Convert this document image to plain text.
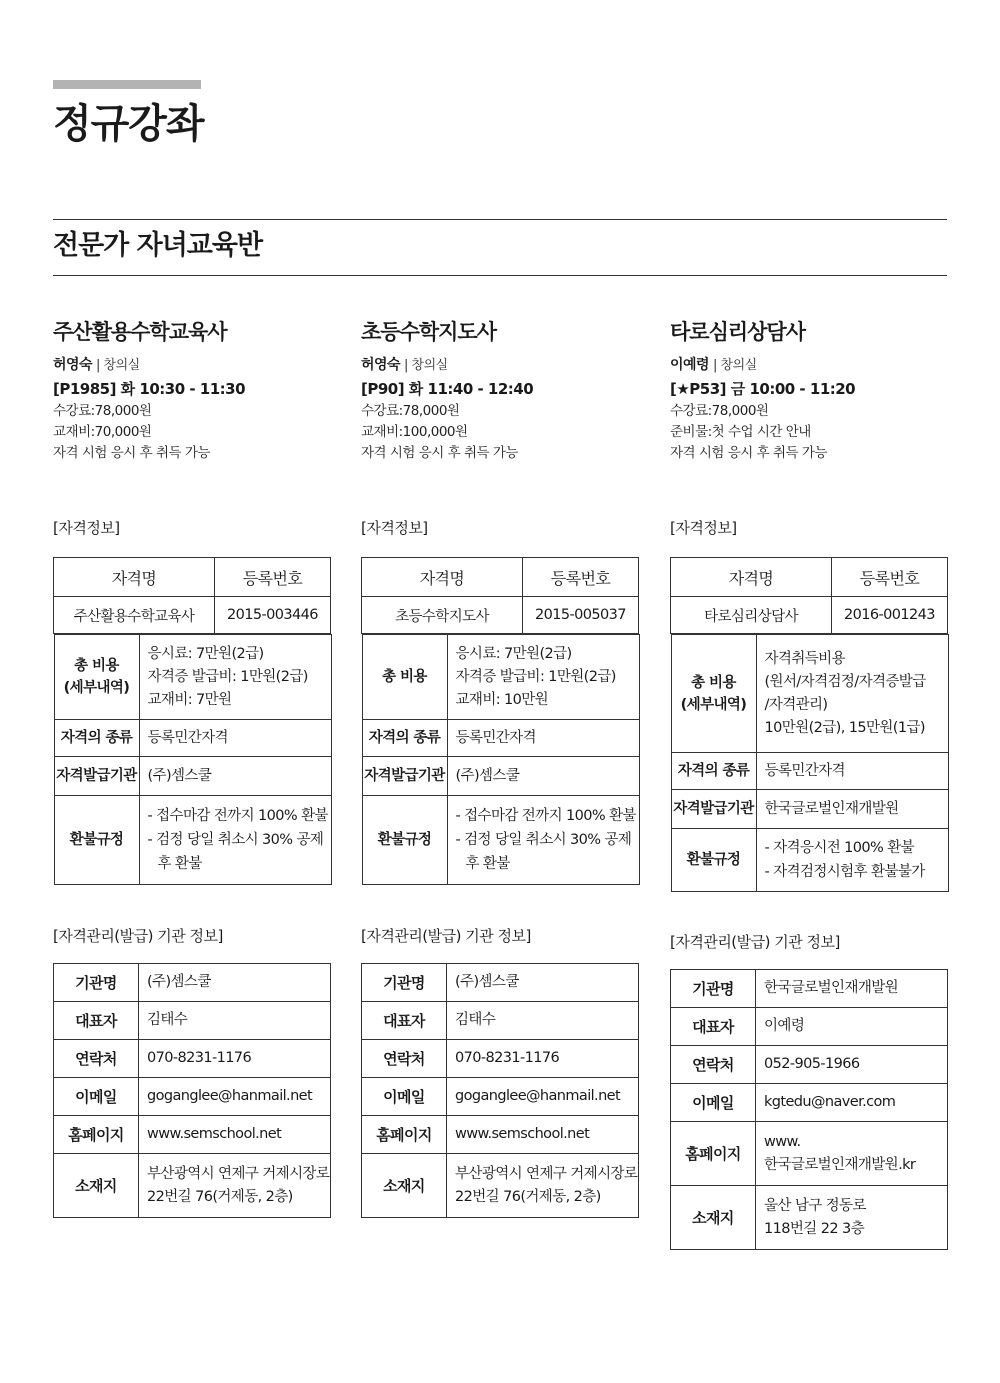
정규강좌
전문가 자녀교육반
주산활용수학교육사
허영숙 | 창의실
[P1985] 화 10:30 - 11:30
수강료:78,000원
교재비:70,000원
자격 시험 응시 후 취득 가능
[자격정보]
자격명	등록번호
주산활용수학교육사	2015-003446

총 비용
(세부내역)

응시료: 7만원(2급)
자격증 발급비: 1만원(2급)
교재비: 7만원

자격의 종류	등록민간자격
자격발급기관	(주)셈스쿨
환불규정	
- 접수마감 전까지 100% 환불
- 검정 당일 취소시 30% 공제
후 환불
[자격관리(발급) 기관 정보]
기관명	(주)셈스쿨
대표자	김태수
연락처	070-8231-1176
이메일	goganglee@hanmail.net
홈페이지	www.semschool.net

소재지	부산광역시 연제구 거제시장로
22번길 76(거제동, 2층)
초등수학지도사
허영숙 | 창의실
[P90] 화 11:40 - 12:40
수강료:78,000원
교재비:100,000원
자격 시험 응시 후 취득 가능
[자격정보]
자격명	등록번호
초등수학지도사	2015-005037

총 비용

응시료: 7만원(2급)
자격증 발급비: 1만원(2급)
교재비: 10만원

자격의 종류	등록민간자격
자격발급기관	(주)셈스쿨
환불규정	
- 접수마감 전까지 100% 환불
- 검정 당일 취소시 30% 공제
후 환불
[자격관리(발급) 기관 정보]
기관명	(주)셈스쿨
대표자	김태수
연락처	070-8231-1176
이메일	goganglee@hanmail.net
홈페이지	www.semschool.net

소재지	부산광역시 연제구 거제시장로
22번길 76(거제동, 2층)
타로심리상담사
이예령 | 창의실
[★P53] 금 10:00 - 11:20
수강료:78,000원
준비물:첫 수업 시간 안내
자격 시험 응시 후 취득 가능
[자격정보]
자격명	등록번호
타로심리상담사	2016-001243

총 비용
(세부내역)

자격취득비용
(원서/자격검정/자격증발급
/자격관리)
10만원(2급), 15만원(1급)

자격의 종류	등록민간자격
자격발급기관	한국글로벌인재개발원
환불규정	
- 자격응시전 100% 환불
- 자격검정시험후 환불불가
[자격관리(발급) 기관 정보]
기관명	한국글로벌인재개발원
대표자	이예령
연락처	052-905-1966
이메일	kgtedu@naver.com
홈페이지	www.
한국글로벌인재개발원.kr

소재지	울산 남구 정동로
118번길 22 3층
